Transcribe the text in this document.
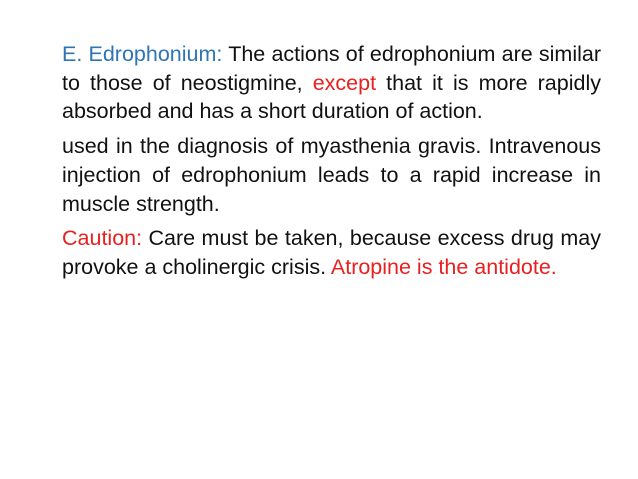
E. Edrophonium: The actions of edrophonium are similar to those of neostigmine, except that it is more rapidly absorbed and has a short duration of action.

used in the diagnosis of myasthenia gravis. Intravenous injection of edrophonium leads to a rapid increase in muscle strength.

Caution: Care must be taken, because excess drug may provoke a cholinergic crisis. Atropine is the antidote.
